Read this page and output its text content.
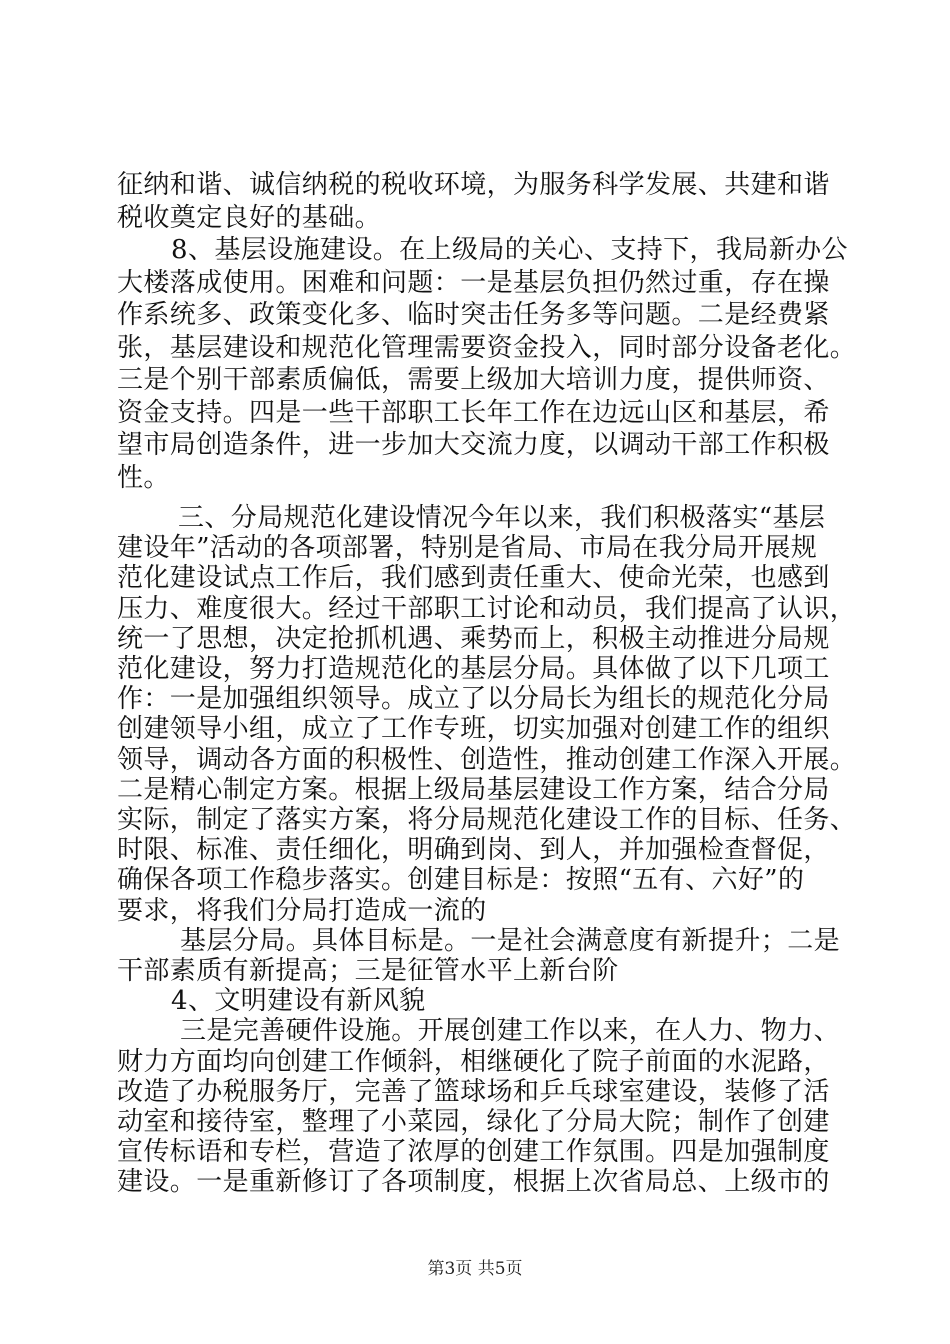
征纳和谐、诚信纳税的税收环境，为服务科学发展、共建和谐
税收奠定良好的基础。
8、基层设施建设。在上级局的关心、支持下，我局新办公
大楼落成使用。困难和问题：一是基层负担仍然过重，存在操
作系统多、政策变化多、临时突击任务多等问题。二是经费紧
张，基层建设和规范化管理需要资金投入，同时部分设备老化。
三是个别干部素质偏低，需要上级加大培训力度，提供师资、
资金支持。四是一些干部职工长年工作在边远山区和基层，希
望市局创造条件，进一步加大交流力度，以调动干部工作积极
性。
三、分局规范化建设情况今年以来，我们积极落实“基层
建设年”活动的各项部署，特别是省局、市局在我分局开展规
范化建设试点工作后，我们感到责任重大、使命光荣，也感到
压力、难度很大。经过干部职工讨论和动员，我们提高了认识，
统一了思想，决定抢抓机遇、乘势而上，积极主动推进分局规
范化建设，努力打造规范化的基层分局。具体做了以下几项工
作：一是加强组织领导。成立了以分局长为组长的规范化分局
创建领导小组，成立了工作专班，切实加强对创建工作的组织
领导，调动各方面的积极性、创造性，推动创建工作深入开展。
二是精心制定方案。根据上级局基层建设工作方案，结合分局
实际，制定了落实方案，将分局规范化建设工作的目标、任务、
时限、标准、责任细化，明确到岗、到人，并加强检查督促，
确保各项工作稳步落实。创建目标是：按照“五有、六好”的
要求，将我们分局打造成一流的
基层分局。具体目标是。一是社会满意度有新提升；二是
干部素质有新提高；三是征管水平上新台阶
4、文明建设有新风貌
三是完善硬件设施。开展创建工作以来，在人力、物力、
财力方面均向创建工作倾斜，相继硬化了院子前面的水泥路，
改造了办税服务厅，完善了篮球场和乒乓球室建设，装修了活
动室和接待室，整理了小菜园，绿化了分局大院；制作了创建
宣传标语和专栏，营造了浓厚的创建工作氛围。四是加强制度
建设。一是重新修订了各项制度，根据上次省局总、上级市的
第3页 共5页
